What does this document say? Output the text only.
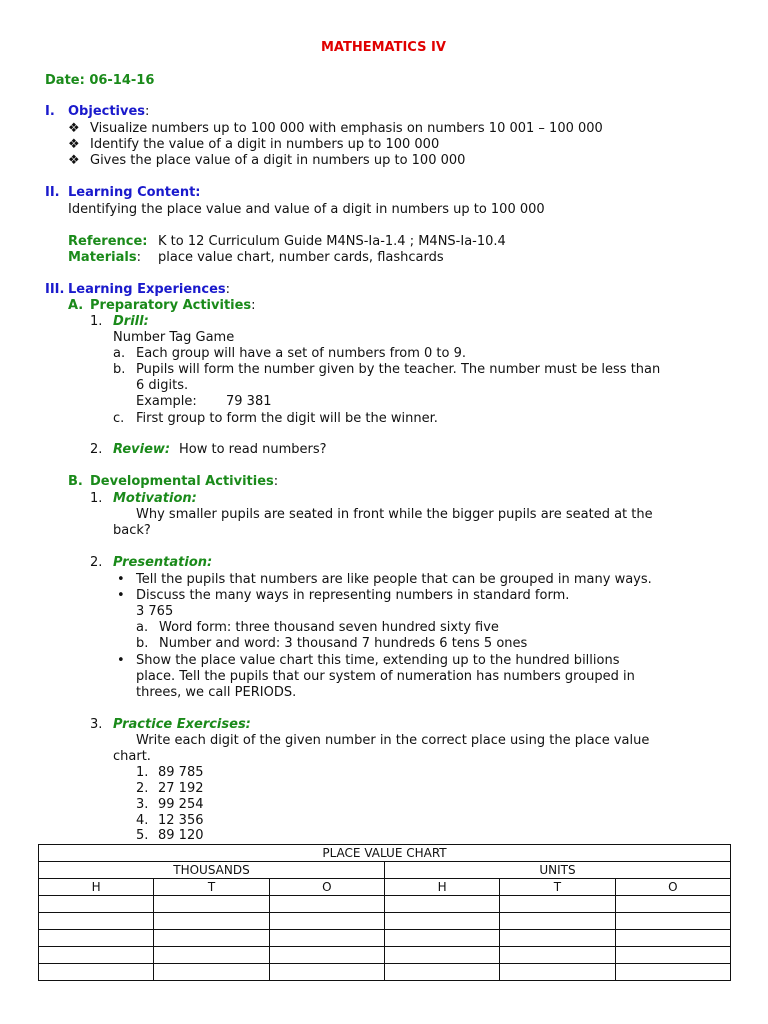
MATHEMATICS IV
Date: 06-14-16
I. Objectives:
❖ Visualize numbers up to 100 000 with emphasis on numbers 10 001 – 100 000
❖ Identify the value of a digit in numbers up to 100 000
❖ Gives the place value of a digit in numbers up to 100 000
II. Learning Content:
Identifying the place value and value of a digit in numbers up to 100 000
Reference: K to 12 Curriculum Guide M4NS-Ia-1.4 ; M4NS-Ia-10.4
Materials: place value chart, number cards, flashcards
III. Learning Experiences:
A. Preparatory Activities:
1. Drill:
Number Tag Game
a. Each group will have a set of numbers from 0 to 9.
b. Pupils will form the number given by the teacher. The number must be less than
6 digits.
Example: 79 381
c. First group to form the digit will be the winner.
2. Review: How to read numbers?
B. Developmental Activities:
1. Motivation:
Why smaller pupils are seated in front while the bigger pupils are seated at the
back?
2. Presentation:
• Tell the pupils that numbers are like people that can be grouped in many ways.
• Discuss the many ways in representing numbers in standard form.
3 765
a. Word form: three thousand seven hundred sixty five
b. Number and word: 3 thousand 7 hundreds 6 tens 5 ones
• Show the place value chart this time, extending up to the hundred billions
place. Tell the pupils that our system of numeration has numbers grouped in
threes, we call PERIODS.
3. Practice Exercises:
Write each digit of the given number in the correct place using the place value
chart.
1. 89 785
2. 27 192
3. 99 254
4. 12 356
5. 89 120
PLACE VALUE CHART					
THOUSANDS			UNITS		
H	T	O	H	T	O
